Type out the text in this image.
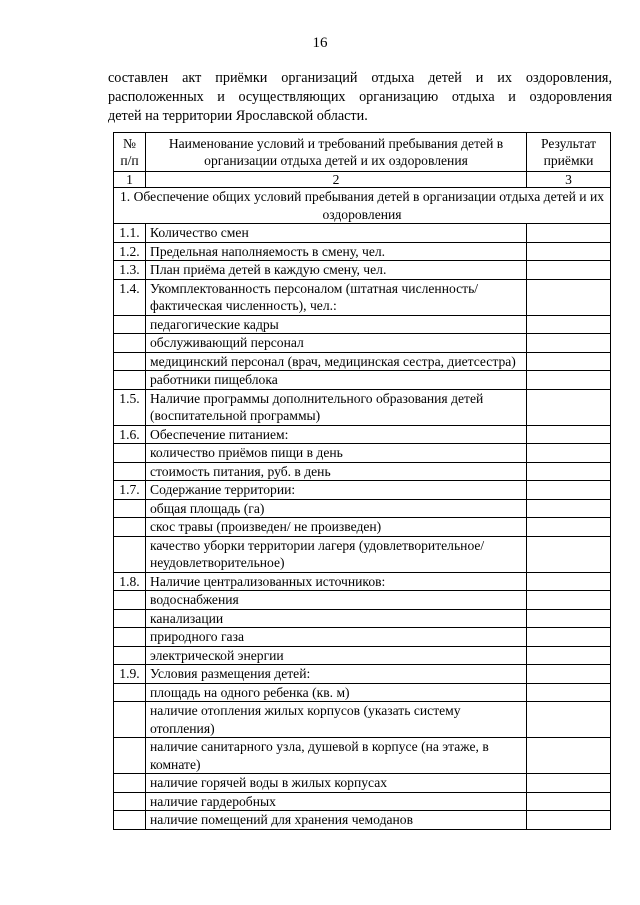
16
составлен акт приёмки организаций отдыха детей и их оздоровления,
расположенных и осуществляющих организацию отдыха и оздоровления
детей на территории Ярославской области.
№ п/п	Наименование условий и требований пребывания детей в организации отдыха детей и их оздоровления	Результат приёмки
1	2	3
1. Обеспечение общих условий пребывания детей в организации отдыха детей и их оздоровления		
1.1.	Количество смен	
1.2.	Предельная наполняемость в смену, чел.	
1.3.	План приёма детей в каждую смену, чел.	
1.4.	Укомплектованность персоналом (штатная численность/ фактическая численность), чел.:	
	педагогические кадры	
	обслуживающий персонал	
	медицинский персонал (врач, медицинская сестра, диетсестра)	
	работники пищеблока	
1.5.	Наличие программы дополнительного образования детей (воспитательной программы)	
1.6.	Обеспечение питанием:	
	количество приёмов пищи в день	
	стоимость питания, руб. в день	
1.7.	Содержание территории:	
	общая площадь (га)	
	скос травы (произведен/ не произведен)	
	качество уборки территории лагеря (удовлетворительное/неудовлетворительное)	
1.8.	Наличие централизованных источников:	
	водоснабжения	
	канализации	
	природного газа	
	электрической энергии	
1.9.	Условия размещения детей:	
	площадь на одного ребенка (кв. м)	
	наличие отопления жилых корпусов (указать систему отопления)	
	наличие санитарного узла, душевой в корпусе (на этаже, в комнате)	
	наличие горячей воды в жилых корпусах	
	наличие гардеробных	
	наличие помещений для хранения чемоданов	
